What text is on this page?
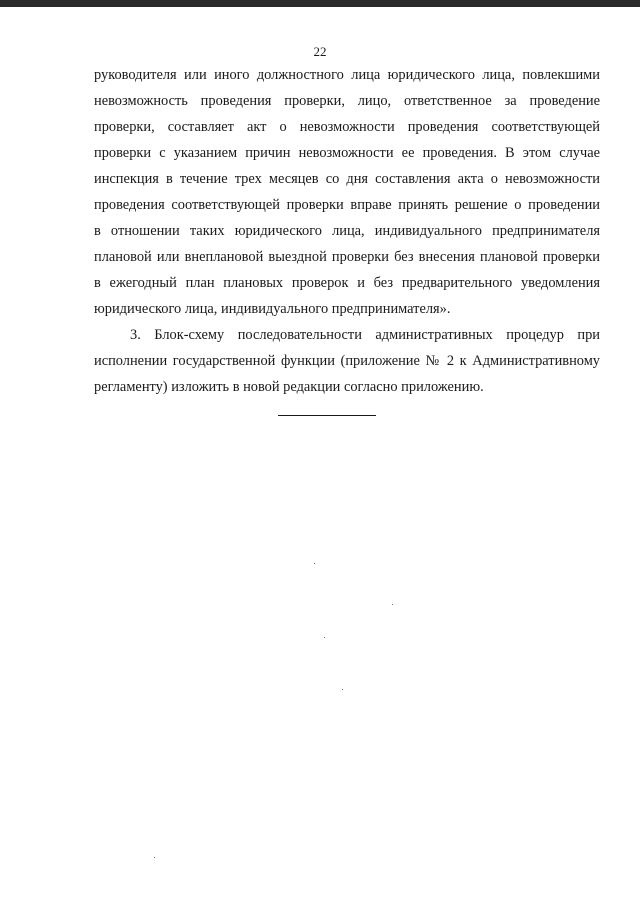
22
руководителя или иного должностного лица юридического лица, повлекшими
невозможность проведения проверки, лицо, ответственное за проведение
проверки, составляет акт о невозможности проведения соответствующей
проверки с указанием причин невозможности ее проведения. В этом случае
инспекция в течение трех месяцев со дня составления акта о невозможности
проведения соответствующей проверки вправе принять решение о проведении
в отношении таких юридического лица, индивидуального предпринимателя
плановой или внеплановой выездной проверки без внесения плановой проверки
в ежегодный план плановых проверок и без предварительного уведомления
юридического лица, индивидуального предпринимателя».
3. Блок-схему последовательности административных процедур при
исполнении государственной функции (приложение № 2 к Административному
регламенту) изложить в новой редакции согласно приложению.
